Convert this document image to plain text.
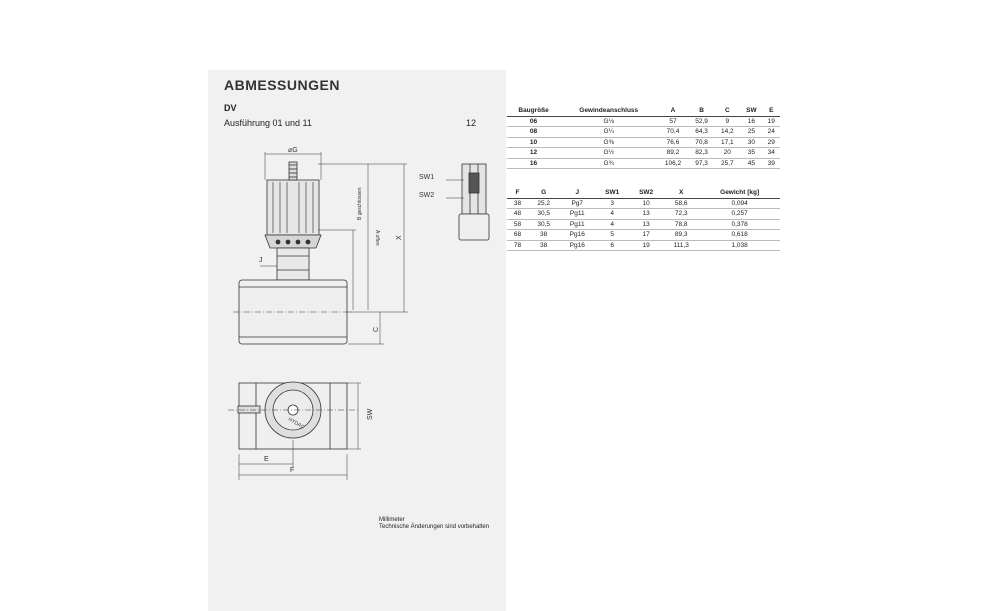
ABMESSUNGEN
DV
Ausführung 01 und 11	12
⌀G
A offen
B geschlossen
X
J
C
SW1
SW2
SW
E
F
HYDAC
Baugröße	Gewindeanschluss	A	B	C	SW	E
06	G⅛	57	52,9	9	16	19
08	G¼	70,4	64,3	14,2	25	24
10	G⅜	76,6	70,8	17,1	30	29
12	G½	89,2	82,3	20	35	34
16	G¾	106,2	97,3	25,7	45	39
F	G	J	SW1	SW2	X	Gewicht [kg]
38	25,2	Pg7	3	10	58,6	0,094
48	30,5	Pg11	4	13	72,3	0,257
58	30,5	Pg11	4	13	78,8	0,378
68	38	Pg16	5	17	89,3	0,618
78	38	Pg16	6	19	111,3	1,038
Millimeter
Technische Änderungen sind vorbehalten
